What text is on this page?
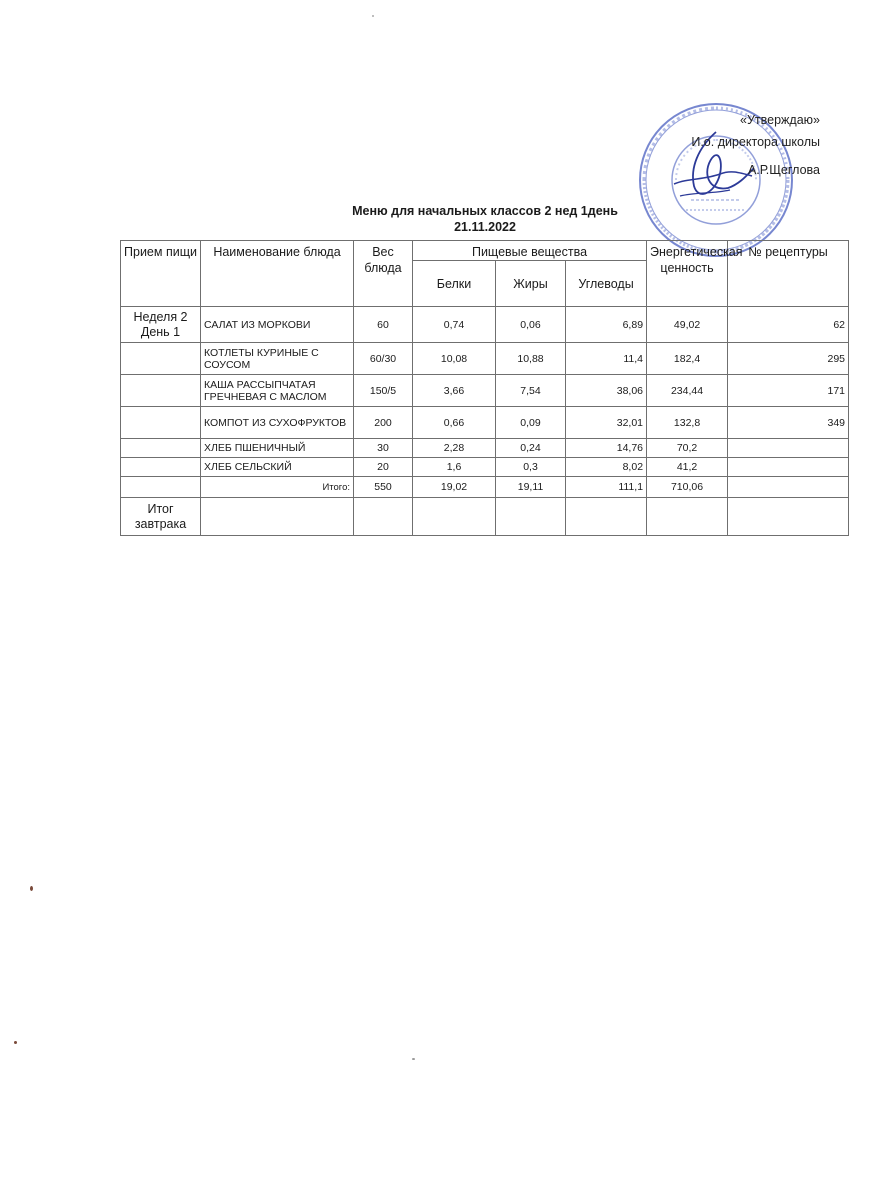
«Утверждаю»
И.о. директора школы
А.Р.Щеглова
Меню для начальных классов 2 нед 1день
21.11.2022
Прием пищи	Наименование блюда	Вес блюда	Пищевые вещества			Энергетическая ценность	№ рецептуры
			Белки	Жиры	Углеводы		
Неделя 2 День 1	САЛАТ ИЗ МОРКОВИ	60	0,74	0,06	6,89	49,02	62
	КОТЛЕТЫ КУРИНЫЕ С СОУСОМ	60/30	10,08	10,88	11,4	182,4	295
	КАША РАССЫПЧАТАЯ ГРЕЧНЕВАЯ С МАСЛОМ	150/5	3,66	7,54	38,06	234,44	171
	КОМПОТ ИЗ СУХОФРУКТОВ	200	0,66	0,09	32,01	132,8	349
	ХЛЕБ ПШЕНИЧНЫЙ	30	2,28	0,24	14,76	70,2	
	ХЛЕБ СЕЛЬСКИЙ	20	1,6	0,3	8,02	41,2	
	Итого:	550	19,02	19,11	111,1	710,06	
Итог завтрака							
